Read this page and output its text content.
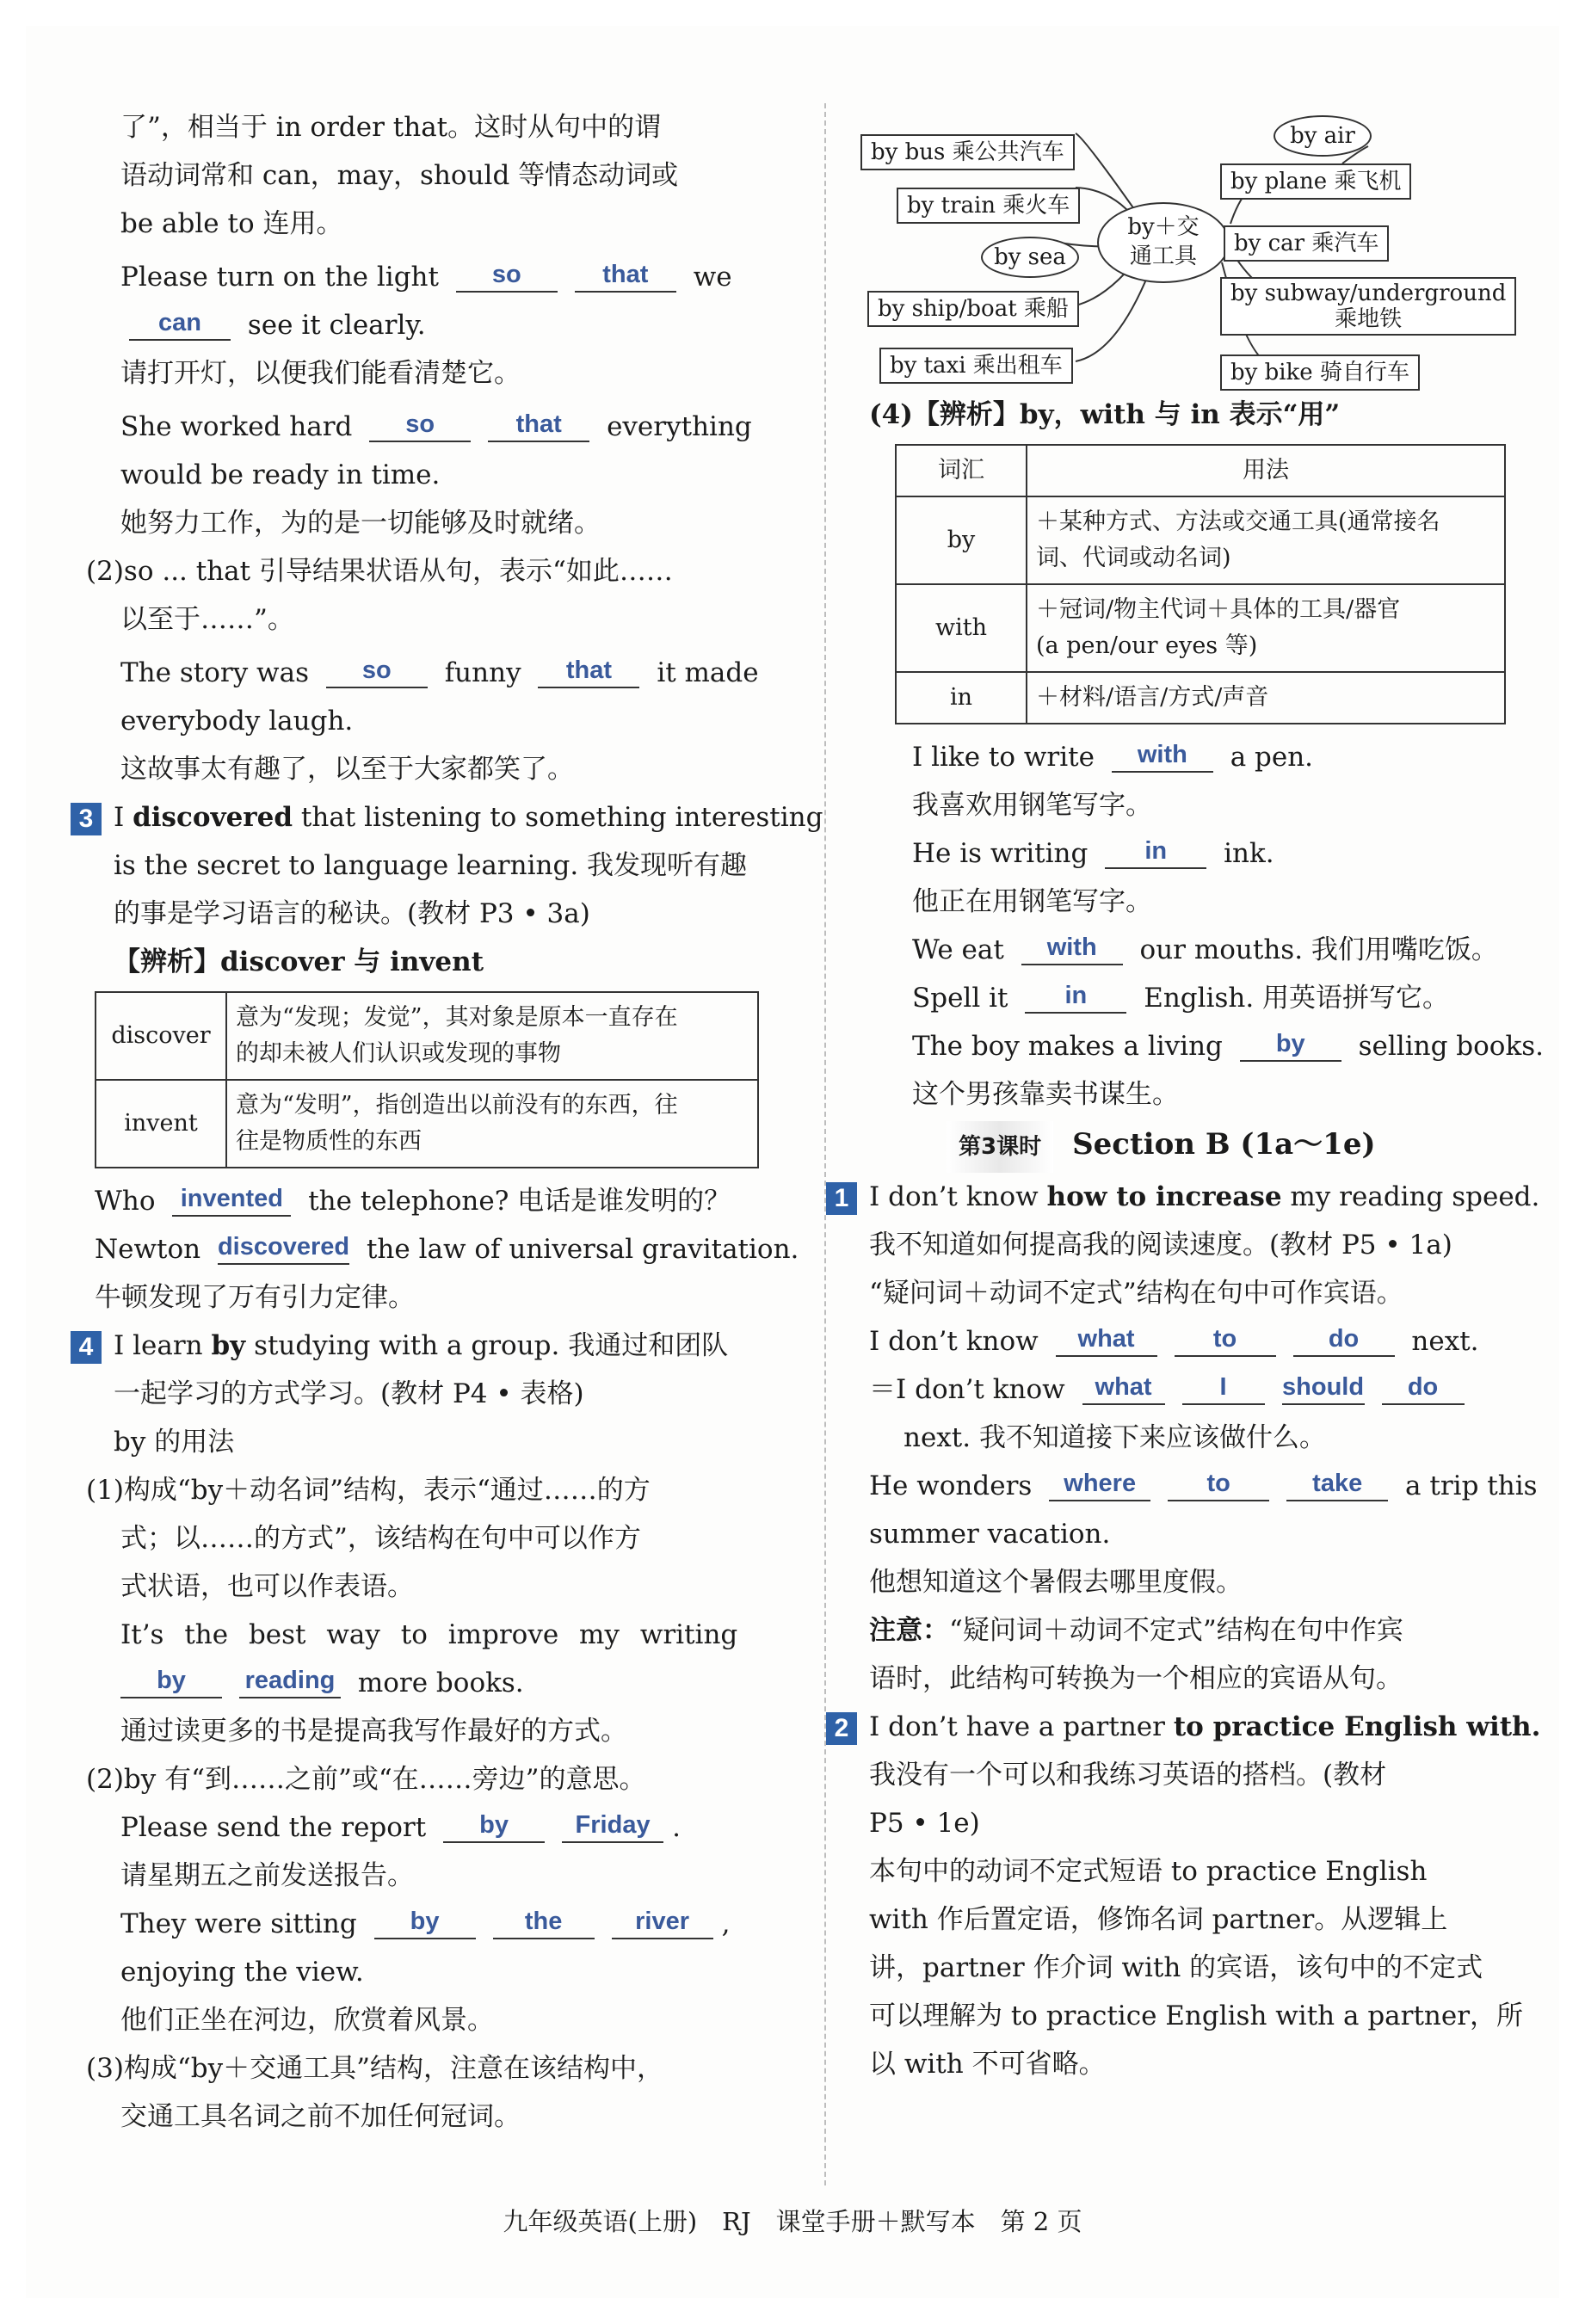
了”，相当于 in order that。这时从句中的谓
语动词常和 can，may，should 等情态动词或
be able to 连用。
Please turn on the light so	that we
can see it clearly.
请打开灯，以便我们能看清楚它。
She worked hard so	that everything
would be ready in time.
她努力工作，为的是一切能够及时就绪。
(2)so ... that 引导结果状语从句，表示“如此……
以至于……”。
The story was so funny that it made
everybody laugh.
这故事太有趣了，以至于大家都笑了。
3 I discovered that listening to something interesting
is the secret to language learning. 我发现听有趣
的事是学习语言的秘诀。(教材 P3 • 3a)
【辨析】discover 与 invent
discover	意为“发现；发觉”，其对象是原本一直存在
的却未被人们认识或发现的事物

invent	意为“发明”，指创造出以前没有的东西，往
往是物质性的东西
Who invented the telephone? 电话是谁发明的？
Newton discovered the law of universal gravitation.
牛顿发现了万有引力定律。
4 I learn by studying with a group. 我通过和团队
一起学习的方式学习。(教材 P4 • 表格)
by 的用法
(1)构成“by＋动名词”结构，表示“通过……的方
式；以……的方式”，该结构在句中可以作方
式状语，也可以作表语。
It’s the best way to improve my writing
by reading more books.
通过读更多的书是提高我写作最好的方式。
(2)by 有“到……之前”或“在……旁边”的意思。
Please send the report by	Friday .
请星期五之前发送报告。
They were sitting by	the	river ,
enjoying the view.
他们正坐在河边，欣赏着风景。
(3)构成“by＋交通工具”结构，注意在该结构中，
交通工具名词之前不加任何冠词。
by＋交
通工具
by bus 乘公共汽车
by train 乘火车
by sea
by ship/boat 乘船
by taxi 乘出租车
by air
by plane 乘飞机
by car 乘汽车
by subway/underground
乘地铁
by bike 骑自行车
(4)【辨析】by，with 与 in 表示“用”
词汇	用法
by	＋某种方式、方法或交通工具(通常接名
词、代词或动名词)

with	＋冠词/物主代词＋具体的工具/器官
(a pen/our eyes 等)

in	＋材料/语言/方式/声音
I like to write with a pen.
我喜欢用钢笔写字。
He is writing in ink.
他正在用钢笔写字。
We eat with our mouths. 我们用嘴吃饭。
Spell it in English. 用英语拼写它。
The boy makes a living by selling books.
这个男孩靠卖书谋生。
第3课时 Section B (1a～1e)
1 I don’t know how to increase my reading speed.
我不知道如何提高我的阅读速度。(教材 P5 • 1a)
“疑问词＋动词不定式”结构在句中可作宾语。
I don’t know what	to	do next.
＝I don’t know what	I should do
next. 我不知道接下来应该做什么。
He wonders where	to	take a trip this
summer vacation.
他想知道这个暑假去哪里度假。
注意：“疑问词＋动词不定式”结构在句中作宾
语时，此结构可转换为一个相应的宾语从句。
2 I don’t have a partner to practice English with.
我没有一个可以和我练习英语的搭档。(教材
P5 • 1e)
本句中的动词不定式短语 to practice English
with 作后置定语，修饰名词 partner。从逻辑上
讲，partner 作介词 with 的宾语，该句中的不定式
可以理解为 to practice English with a partner，所
以 with 不可省略。
九年级英语(上册)　RJ　课堂手册＋默写本　第 2 页
